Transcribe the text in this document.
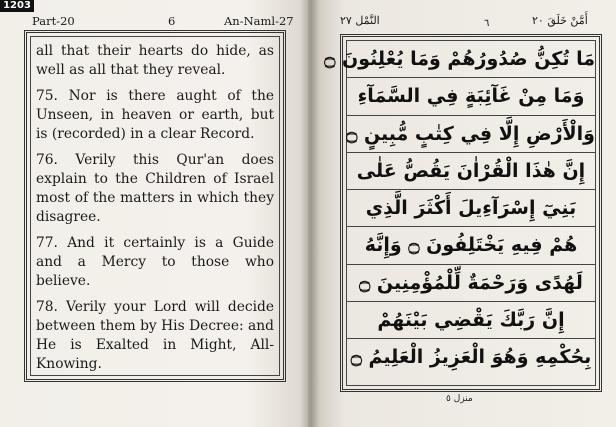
1203
Part-20	6	An-Naml-27	النَّمْل ٢٧	٦	أَمَّنْ خَلَقَ ٢٠

all that their hearts do hide, as well as all that they reveal.

75. Nor is there aught of the Unseen, in heaven or earth, but is (recorded) in a clear Record.

76. Verily this Qur'an does explain to the Children of Israel most of the matters in which they disagree.

77. And it certainly is a Guide and a Mercy to those who believe.

78. Verily your Lord will decide between them by His Decree: and He is Exalted in Might, All-Knowing.

مَا تُكِنُّ صُدُورُهُمْ وَمَا يُعْلِنُونَ ۝
وَمَا مِنْ غَآئِبَةٍ فِي السَّمَآءِ
وَالْأَرْضِ إِلَّا فِي كِتٰبٍ مُّبِينٍ ۝
إِنَّ هٰذَا الْقُرْاٰنَ يَقُصُّ عَلٰى
بَنِيٓ إِسْرَآءِيلَ أَكْثَرَ الَّذِي
هُمْ فِيهِ يَخْتَلِفُونَ ۝ وَإِنَّهُ
لَهُدًى وَرَحْمَةٌ لِّلْمُؤْمِنِينَ ۝
إِنَّ رَبَّكَ يَقْضِي بَيْنَهُمْ
بِحُكْمِهِ وَهُوَ الْعَزِيزُ الْعَلِيمُ ۝
منزل ٥
